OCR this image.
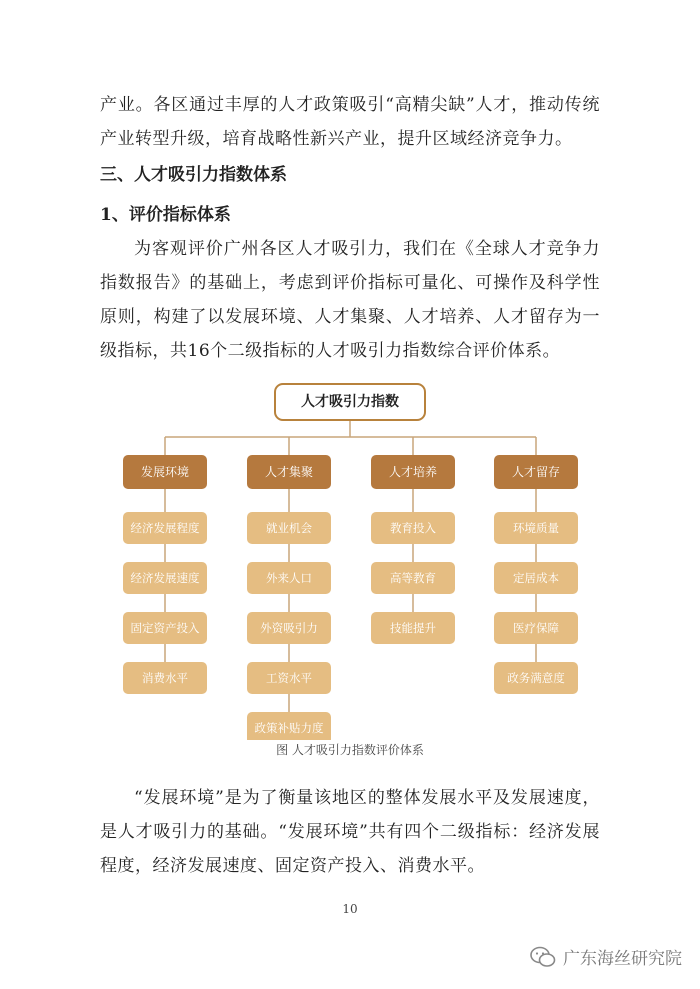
产业。各区通过丰厚的人才政策吸引“高精尖缺”人才，推动传统产业转型升级，培育战略性新兴产业，提升区域经济竞争力。

三、人才吸引力指数体系

1、评价指标体系

为客观评价广州各区人才吸引力，我们在《全球人才竞争力指数报告》的基础上，考虑到评价指标可量化、可操作及科学性原则，构建了以发展环境、人才集聚、人才培养、人才留存为一级指标，共16个二级指标的人才吸引力指数综合评价体系。

人才吸引力指数
发展环境
经济发展程度
经济发展速度
固定资产投入
消费水平
人才集聚
就业机会
外来人口
外资吸引力
工资水平
政策补贴力度
人才培养
教育投入
高等教育
技能提升
人才留存
环境质量
定居成本
医疗保障
政务满意度
图 人才吸引力指数评价体系

“发展环境”是为了衡量该地区的整体发展水平及发展速度，是人才吸引力的基础。“发展环境”共有四个二级指标：经济发展程度，经济发展速度、固定资产投入、消费水平。

10
广东海丝研究院
